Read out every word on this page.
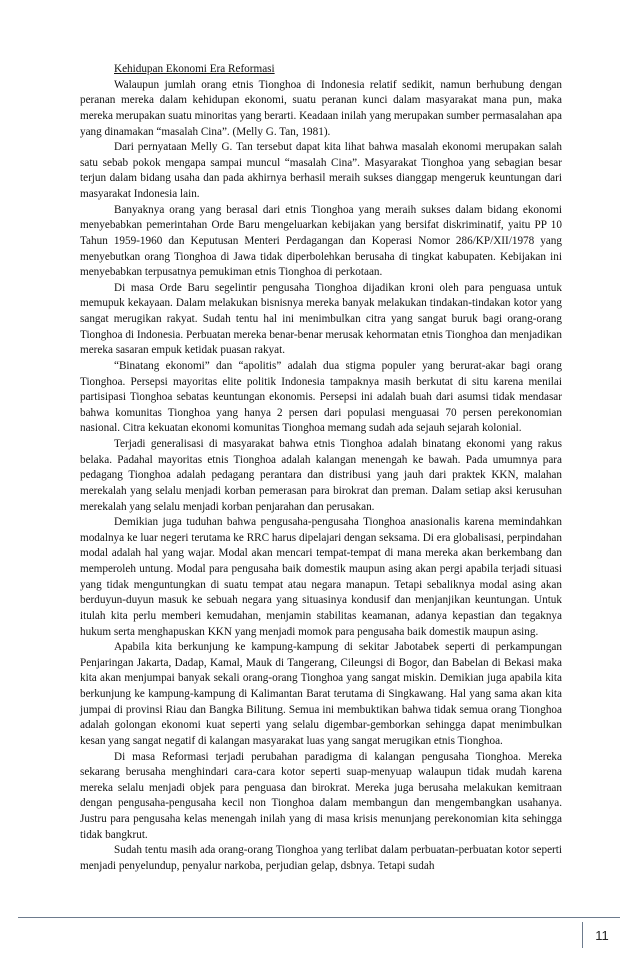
Kehidupan Ekonomi Era Reformasi

Walaupun jumlah orang etnis Tionghoa di Indonesia relatif sedikit, namun berhubung dengan peranan mereka dalam kehidupan ekonomi, suatu peranan kunci dalam masyarakat mana pun, maka mereka merupakan suatu minoritas yang berarti. Keadaan inilah yang merupakan sumber permasalahan apa yang dinamakan “masalah Cina”. (Melly G. Tan, 1981).

Dari pernyataan Melly G. Tan tersebut dapat kita lihat bahwa masalah ekonomi merupakan salah satu sebab pokok mengapa sampai muncul “masalah Cina”. Masyarakat Tionghoa yang sebagian besar terjun dalam bidang usaha dan pada akhirnya berhasil meraih sukses dianggap mengeruk keuntungan dari masyarakat Indonesia lain.

Banyaknya orang yang berasal dari etnis Tionghoa yang meraih sukses dalam bidang ekonomi menyebabkan pemerintahan Orde Baru mengeluarkan kebijakan yang bersifat diskriminatif, yaitu PP 10 Tahun 1959-1960 dan Keputusan Menteri Perdagangan dan Koperasi Nomor 286/KP/XII/1978 yang menyebutkan orang Tionghoa di Jawa tidak diperbolehkan berusaha di tingkat kabupaten. Kebijakan ini menyebabkan terpusatnya pemukiman etnis Tionghoa di perkotaan.

Di masa Orde Baru segelintir pengusaha Tionghoa dijadikan kroni oleh para penguasa untuk memupuk kekayaan. Dalam melakukan bisnisnya mereka banyak melakukan tindakan-tindakan kotor yang sangat merugikan rakyat. Sudah tentu hal ini menimbulkan citra yang sangat buruk bagi orang-orang Tionghoa di Indonesia. Perbuatan mereka benar-benar merusak kehormatan etnis Tionghoa dan menjadikan mereka sasaran empuk ketidak puasan rakyat.

“Binatang ekonomi” dan “apolitis” adalah dua stigma populer yang berurat-akar bagi orang Tionghoa. Persepsi mayoritas elite politik Indonesia tampaknya masih berkutat di situ karena menilai partisipasi Tionghoa sebatas keuntungan ekonomis. Persepsi ini adalah buah dari asumsi tidak mendasar bahwa komunitas Tionghoa yang hanya 2 persen dari populasi menguasai 70 persen perekonomian nasional. Citra kekuatan ekonomi komunitas Tionghoa memang sudah ada sejauh sejarah kolonial.

Terjadi generalisasi di masyarakat bahwa etnis Tionghoa adalah binatang ekonomi yang rakus belaka. Padahal mayoritas etnis Tionghoa adalah kalangan menengah ke bawah. Pada umumnya para pedagang Tionghoa adalah pedagang perantara dan distribusi yang jauh dari praktek KKN, malahan merekalah yang selalu menjadi korban pemerasan para birokrat dan preman. Dalam setiap aksi kerusuhan merekalah yang selalu menjadi korban penjarahan dan perusakan.

Demikian juga tuduhan bahwa pengusaha-pengusaha Tionghoa anasionalis karena memindahkan modalnya ke luar negeri terutama ke RRC harus dipelajari dengan seksama. Di era globalisasi, perpindahan modal adalah hal yang wajar. Modal akan mencari tempat-tempat di mana mereka akan berkembang dan memperoleh untung. Modal para pengusaha baik domestik maupun asing akan pergi apabila terjadi situasi yang tidak menguntungkan di suatu tempat atau negara manapun. Tetapi sebaliknya modal asing akan berduyun-duyun masuk ke sebuah negara yang situasinya kondusif dan menjanjikan keuntungan. Untuk itulah kita perlu memberi kemudahan, menjamin stabilitas keamanan, adanya kepastian dan tegaknya hukum serta menghapuskan KKN yang menjadi momok para pengusaha baik domestik maupun asing.

Apabila kita berkunjung ke kampung-kampung di sekitar Jabotabek seperti di perkampungan Penjaringan Jakarta, Dadap, Kamal, Mauk di Tangerang, Cileungsi di Bogor, dan Babelan di Bekasi maka kita akan menjumpai banyak sekali orang-orang Tionghoa yang sangat miskin. Demikian juga apabila kita berkunjung ke kampung-kampung di Kalimantan Barat terutama di Singkawang. Hal yang sama akan kita jumpai di provinsi Riau dan Bangka Bilitung. Semua ini membuktikan bahwa tidak semua orang Tionghoa adalah golongan ekonomi kuat seperti yang selalu digembar-gemborkan sehingga dapat menimbulkan kesan yang sangat negatif di kalangan masyarakat luas yang sangat merugikan etnis Tionghoa.

Di masa Reformasi terjadi perubahan paradigma di kalangan pengusaha Tionghoa. Mereka sekarang berusaha menghindari cara-cara kotor seperti suap-menyuap walaupun tidak mudah karena mereka selalu menjadi objek para penguasa dan birokrat. Mereka juga berusaha melakukan kemitraan dengan pengusaha-pengusaha kecil non Tionghoa dalam membangun dan mengembangkan usahanya. Justru para pengusaha kelas menengah inilah yang di masa krisis menunjang perekonomian kita sehingga tidak bangkrut.

Sudah tentu masih ada orang-orang Tionghoa yang terlibat dalam perbuatan-perbuatan kotor seperti menjadi penyelundup, penyalur narkoba, perjudian gelap, dsbnya. Tetapi sudah

11
